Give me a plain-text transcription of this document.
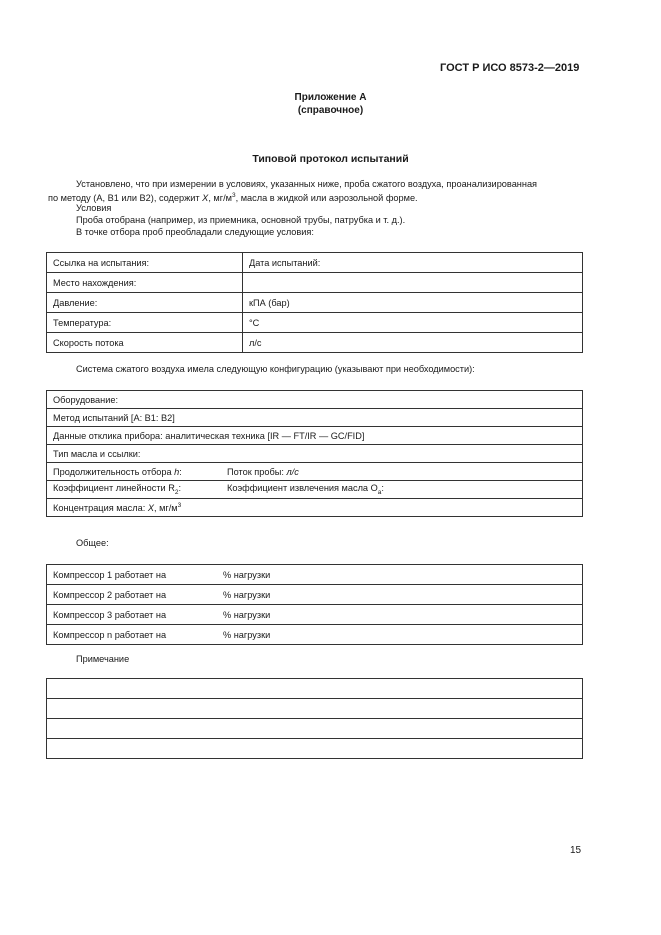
ГОСТ Р ИСО 8573-2—2019
Приложение A
(справочное)
Типовой протокол испытаний
Установлено, что при измерении в условиях, указанных ниже, проба сжатого воздуха, проанализированная
по методу (А, В1 или В2), содержит X, $мг/м^3$, масла в жидкой или аэрозольной форме.
Условия
Проба отобрана (например, из приемника, основной трубы, патрубка и т. д.).
В точке отбора проб преобладали следующие условия:
Ссылка на испытания:	Дата испытаний:
Место нахождения:	
Давление:	кПА (бар)
Температура:	°С
Скорость потока	л/с
Система сжатого воздуха имела следующую конфигурацию (указывают при необходимости):
Оборудование:
Метод испытаний [А: В1: В2]
Данные отклика прибора: аналитическая техника [IR — FT/IR — GC/FID]
Тип масла и ссылки:

Продолжительность отбора h:	Поток пробы: л/с

Коэффициент линейности $R_2$:	Коэффициент извлечения масла $O_a$:

Концентрация масла: X, $мг/м^3$
Общее:
Компрессор 1 работает на	% нагрузки

Компрессор 2 работает на	% нагрузки

Компрессор 3 работает на	% нагрузки

Компрессор n работает на	% нагрузки
Примечание

15
